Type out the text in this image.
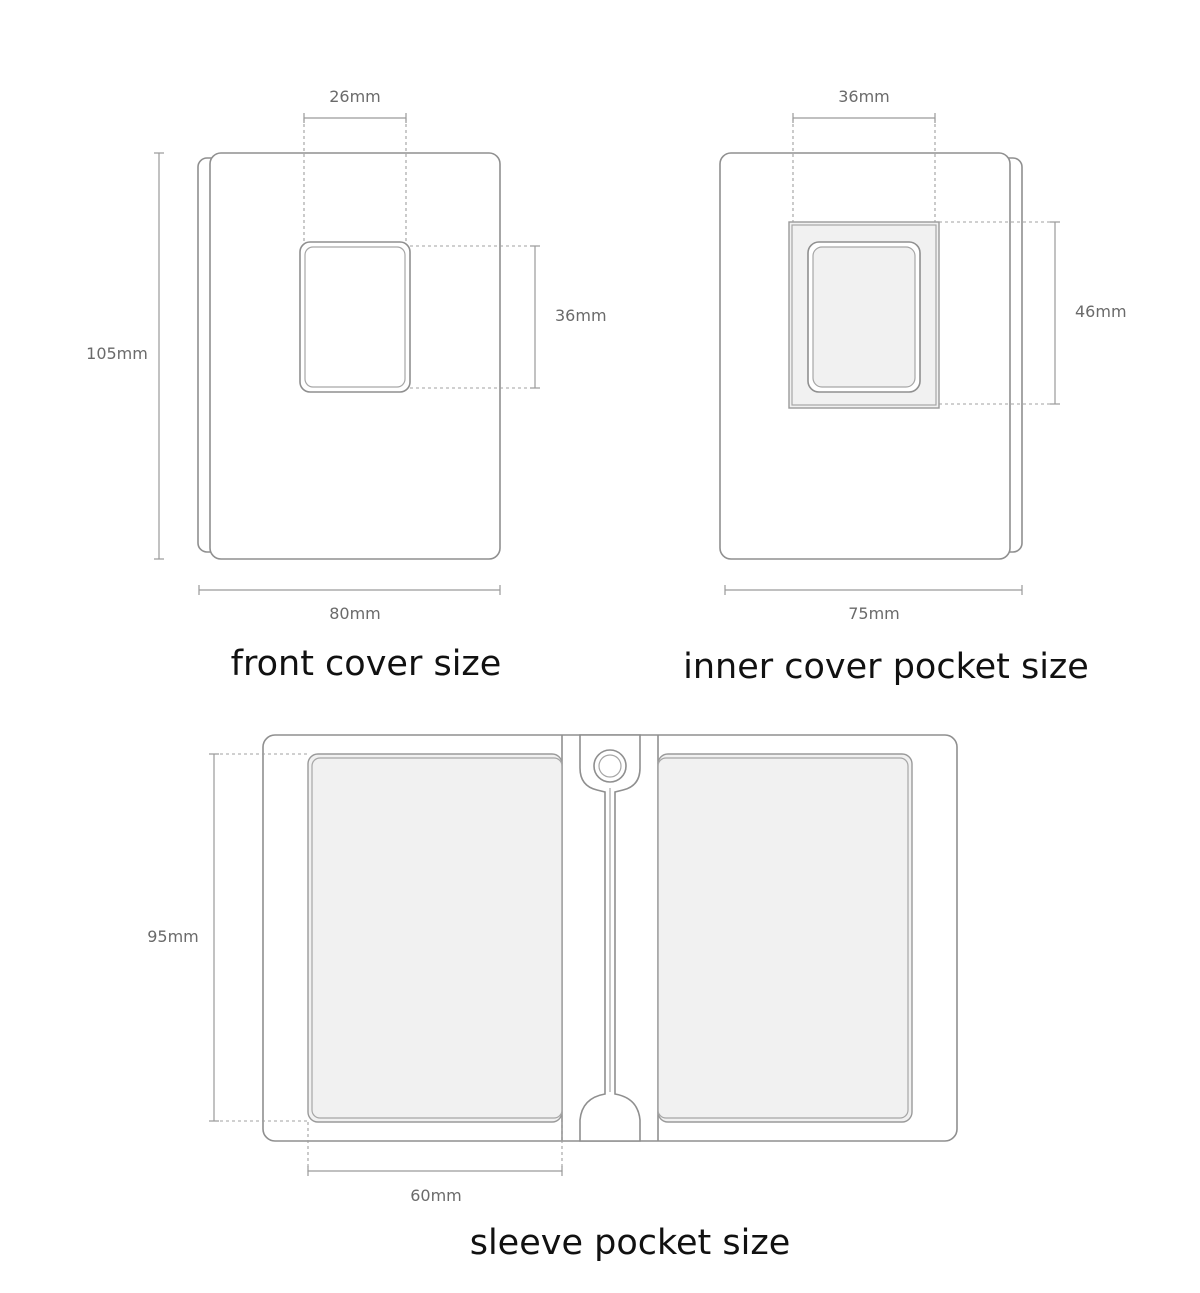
26mm
36mm
105mm
80mm
front cover size
36mm
46mm
75mm
inner cover pocket size
95mm
60mm
sleeve pocket size
